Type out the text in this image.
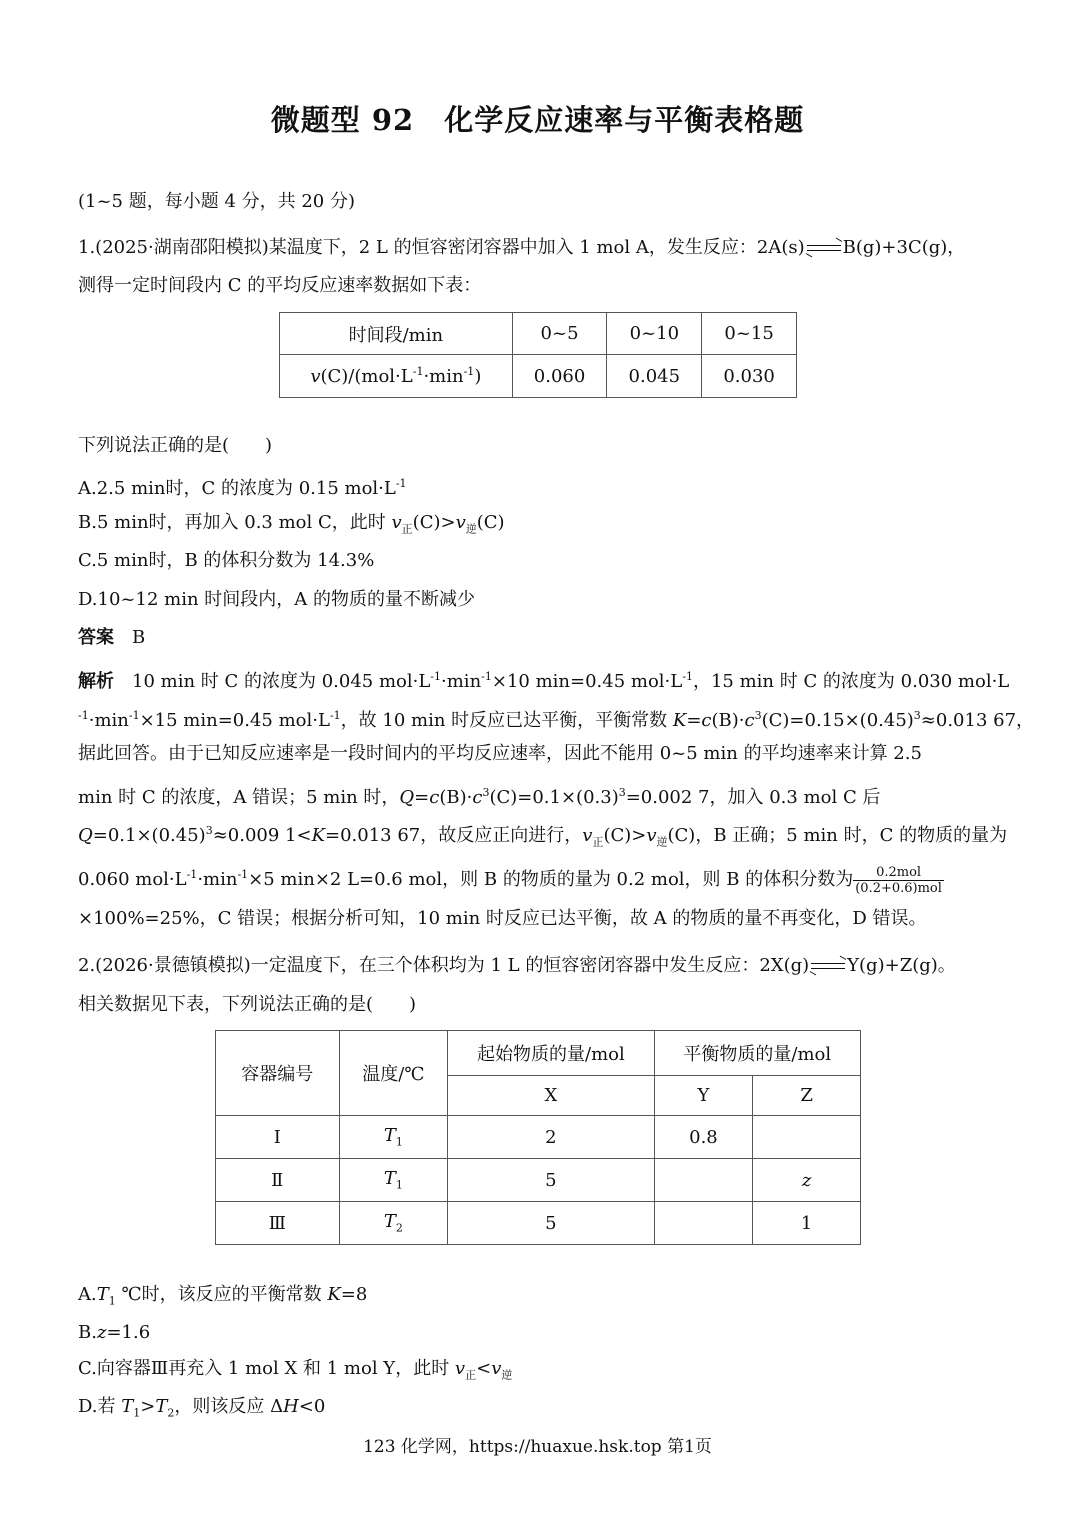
微题型 92　化学反应速率与平衡表格题
(1~5 题，每小题 4 分，共 20 分)
1.(2025·湖南邵阳模拟)某温度下，2 L 的恒容密闭容器中加入 1 mol A，发生反应：2A(s) B(g)+3C(g)，
测得一定时间段内 C 的平均反应速率数据如下表：
时间段/min	0~5	0~10	0~15
$v(C)/(mol\cdot L^{-1}\cdot\min^{-1})$	0.060	0.045	0.030
下列说法正确的是(　　)
A.2.5 min时，C 的浓度为 0.15 $mol\cdot L^{-1}$
B.5 min时，再加入 0.3 mol C，此时 $v_正(C)>v_逆(C)$
C.5 min时，B 的体积分数为 14.3%
D.10~12 min 时间段内，A 的物质的量不断减少
答案　 B
解析　10 min 时 C 的浓度为 0.045 $mol\cdot L^{-1}\cdot\min^{-1}\times 10$ min=0.45 $mol\cdot L^{-1}$，15 min 时 C 的浓度为 0.030 mol·L
$^{-1}\cdot\min^{-1}\times 15$ min=0.45 $mol\cdot L^{-1}$，故 10 min 时反应已达平衡，平衡常数 $K=c(B)\cdot c^3(C)=0.15\times(0.45)^3\approx 0.013$ 67，
据此回答。由于已知反应速率是一段时间内的平均反应速率，因此不能用 0~5 min 的平均速率来计算 2.5
min 时 C 的浓度，A 错误；5 min 时，$Q=c(B)\cdot c^3(C)=0.1\times(0.3)^3=0.002$ 7，加入 0.3 mol C 后
$Q=0.1\times(0.45)^3\approx 0.009$ 1<K=0.013 67，故反应正向进行，$v_正(C)>v_逆(C)$，B 正确；5 min 时，C 的物质的量为
0.060 $mol\cdot L^{-1}\cdot\min^{-1}\times 5$ min×2 L=0.6 mol，则 B 的物质的量为 0.2 mol，则 B 的体积分数为 $\frac{\text{0.2mol}}{\text{(0.2+0.6)mol}}$
×100%=25%，C 错误；根据分析可知，10 min 时反应已达平衡，故 A 的物质的量不再变化，D 错误。
2.(2026·景德镇模拟)一定温度下，在三个体积均为 1 L 的恒容密闭容器中发生反应：2X(g) Y(g)+Z(g)。
相关数据见下表，下列说法正确的是(　　)
容器编号	温度/℃	起始物质的量/mol	平衡物质的量/mol	
		X	Y	Z
Ⅰ	$T_1$	2	0.8	
Ⅱ	$T_1$	5		z
Ⅲ	$T_2$	5		1
$A.T_1$ ℃时，该反应的平衡常数 K=8
B.z=1.6
C.向容器Ⅲ再充入 1 mol X 和 1 mol Y，此时 $v_正<v_逆$
D.若 $T_1>T_2$，则该反应 ΔH<0
123 化学网，https://huaxue.hsk.top 第1页
